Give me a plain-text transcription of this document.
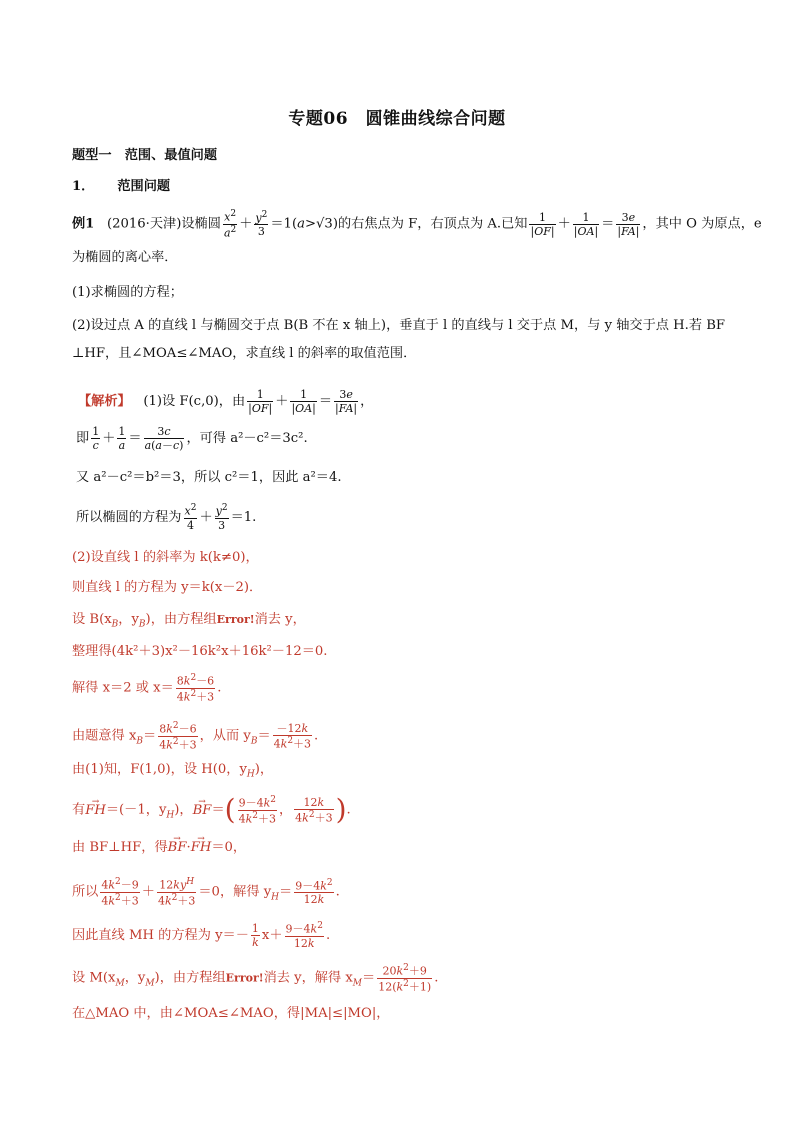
专题06　圆锥曲线综合问题
题型一　范围、最值问题
1． 范围问题
例1 (2016·天津)设椭圆 $\frac{x^2}{a^2} + \frac{y^2}{3} =1(a>√3)$的右焦点为 F，右顶点为 A.已知 $\frac{1}{|OF|} + \frac{1}{|OA|} = \frac{3e}{|FA|}$ ，其中 O 为原点，e
为椭圆的离心率．
(1)求椭圆的方程；
(2)设过点 A 的直线 l 与椭圆交于点 B(B 不在 x 轴上)，垂直于 l 的直线与 l 交于点 M，与 y 轴交于点 H.若 BF
⊥HF，且∠MOA≤∠MAO，求直线 l 的斜率的取值范围．
【解析】 (1)设 F(c,0)，由 $\frac{1}{|OF|} + \frac{1}{|OA|} = \frac{3e}{|FA|}$ ，
即 $\frac{1}{c} + \frac{1}{a} = \frac{3c}{a(a-c)}$ ，可得 a²－c²＝3c².
又 a²－c²＝b²＝3，所以 c²＝1，因此 a²＝4.
所以椭圆的方程为 $\frac{x^2}{4} + \frac{y^2}{3} =1$.
(2)设直线 l 的斜率为 k(k≠0)，
则直线 l 的方程为 y＝k(x－2)．
设 $B(x_B$，$y_B$)，由方程组Error!消去 y，
整理得(4k²＋3)x²－16k²x＋16k²－12＝0.
解得 x＝2 或 $x= \frac{8k^2-6}{4k^2+3}$ .
由题意得 $x_B= \frac{8k^2-6}{4k^2+3}$ ，从而 $y_B= \frac{-12k}{4k^2+3}$ .
由(1)知，F(1,0)，设 H(0，$y_H$)，
有→ FH＝(－1，$y_H$)，→ $BF=( \frac{9-4k^2}{4k^2+3}$ ， $\frac{12k}{4k^2+3}$ ).
由 BF⊥HF，得→ BF·→ FH＝0，
所以 $\frac{4k^2-9}{4k^2+3} + 12ky^H$
$4k^2+3$
＝0，解得 $y_H= \frac{9-4k^2}{12k}$ .
因此直线 MH 的方程为 $y=- \frac{1}{k} x+ \frac{9-4k^2}{12k}$ .
设 $M(x_M$，$y_M$)，由方程组Error!消去 y，解得 $x_M= \frac{20k^2+9}{12(k^2+1)}$ .
在△MAO 中，由∠MOA≤∠MAO，得|MA|≤|MO|，
